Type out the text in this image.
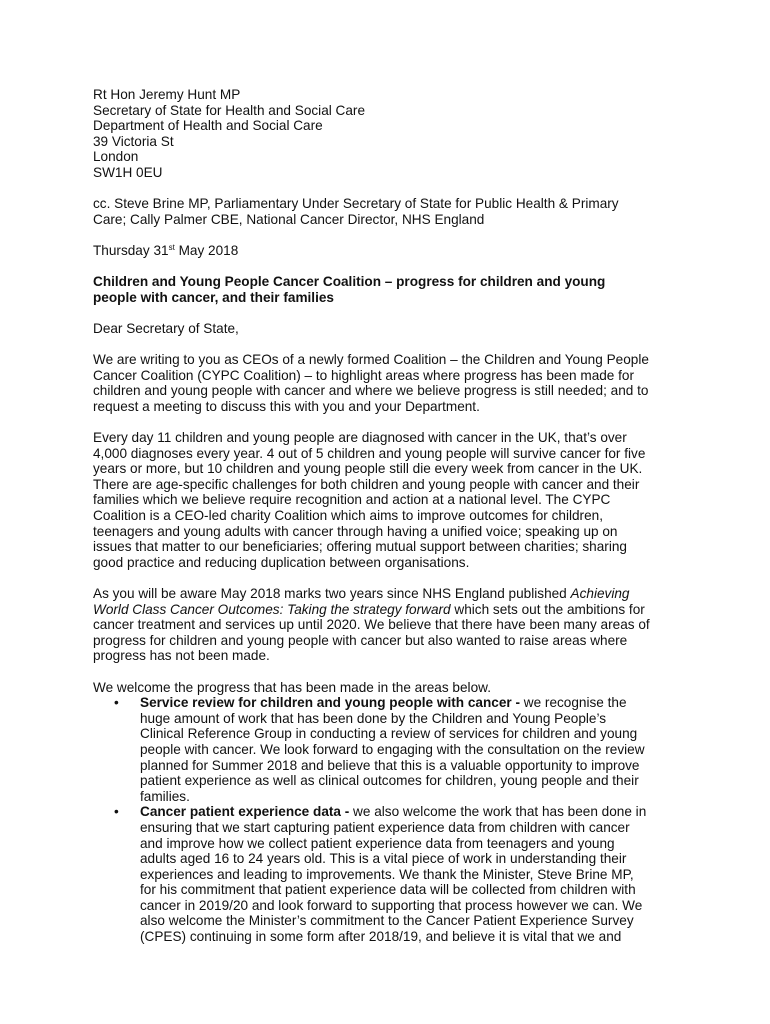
Rt Hon Jeremy Hunt MP
Secretary of State for Health and Social Care
Department of Health and Social Care
39 Victoria St
London
SW1H 0EU
cc. Steve Brine MP, Parliamentary Under Secretary of State for Public Health & Primary
Care; Cally Palmer CBE, National Cancer Director, NHS England
Thursday 31st May 2018
Children and Young People Cancer Coalition – progress for children and young
people with cancer, and their families
Dear Secretary of State,
We are writing to you as CEOs of a newly formed Coalition – the Children and Young People
Cancer Coalition (CYPC Coalition) – to highlight areas where progress has been made for
children and young people with cancer and where we believe progress is still needed; and to
request a meeting to discuss this with you and your Department.
Every day 11 children and young people are diagnosed with cancer in the UK, that’s over
4,000 diagnoses every year. 4 out of 5 children and young people will survive cancer for five
years or more, but 10 children and young people still die every week from cancer in the UK.
There are age-specific challenges for both children and young people with cancer and their
families which we believe require recognition and action at a national level. The CYPC
Coalition is a CEO-led charity Coalition which aims to improve outcomes for children,
teenagers and young adults with cancer through having a unified voice; speaking up on
issues that matter to our beneficiaries; offering mutual support between charities; sharing
good practice and reducing duplication between organisations.
As you will be aware May 2018 marks two years since NHS England published Achieving
World Class Cancer Outcomes: Taking the strategy forward which sets out the ambitions for
cancer treatment and services up until 2020. We believe that there have been many areas of
progress for children and young people with cancer but also wanted to raise areas where
progress has not been made.
We welcome the progress that has been made in the areas below.
• Service review for children and young people with cancer - we recognise the
huge amount of work that has been done by the Children and Young People’s
Clinical Reference Group in conducting a review of services for children and young
people with cancer. We look forward to engaging with the consultation on the review
planned for Summer 2018 and believe that this is a valuable opportunity to improve
patient experience as well as clinical outcomes for children, young people and their
families.
• Cancer patient experience data - we also welcome the work that has been done in
ensuring that we start capturing patient experience data from children with cancer
and improve how we collect patient experience data from teenagers and young
adults aged 16 to 24 years old. This is a vital piece of work in understanding their
experiences and leading to improvements. We thank the Minister, Steve Brine MP,
for his commitment that patient experience data will be collected from children with
cancer in 2019/20 and look forward to supporting that process however we can. We
also welcome the Minister’s commitment to the Cancer Patient Experience Survey
(CPES) continuing in some form after 2018/19, and believe it is vital that we and
